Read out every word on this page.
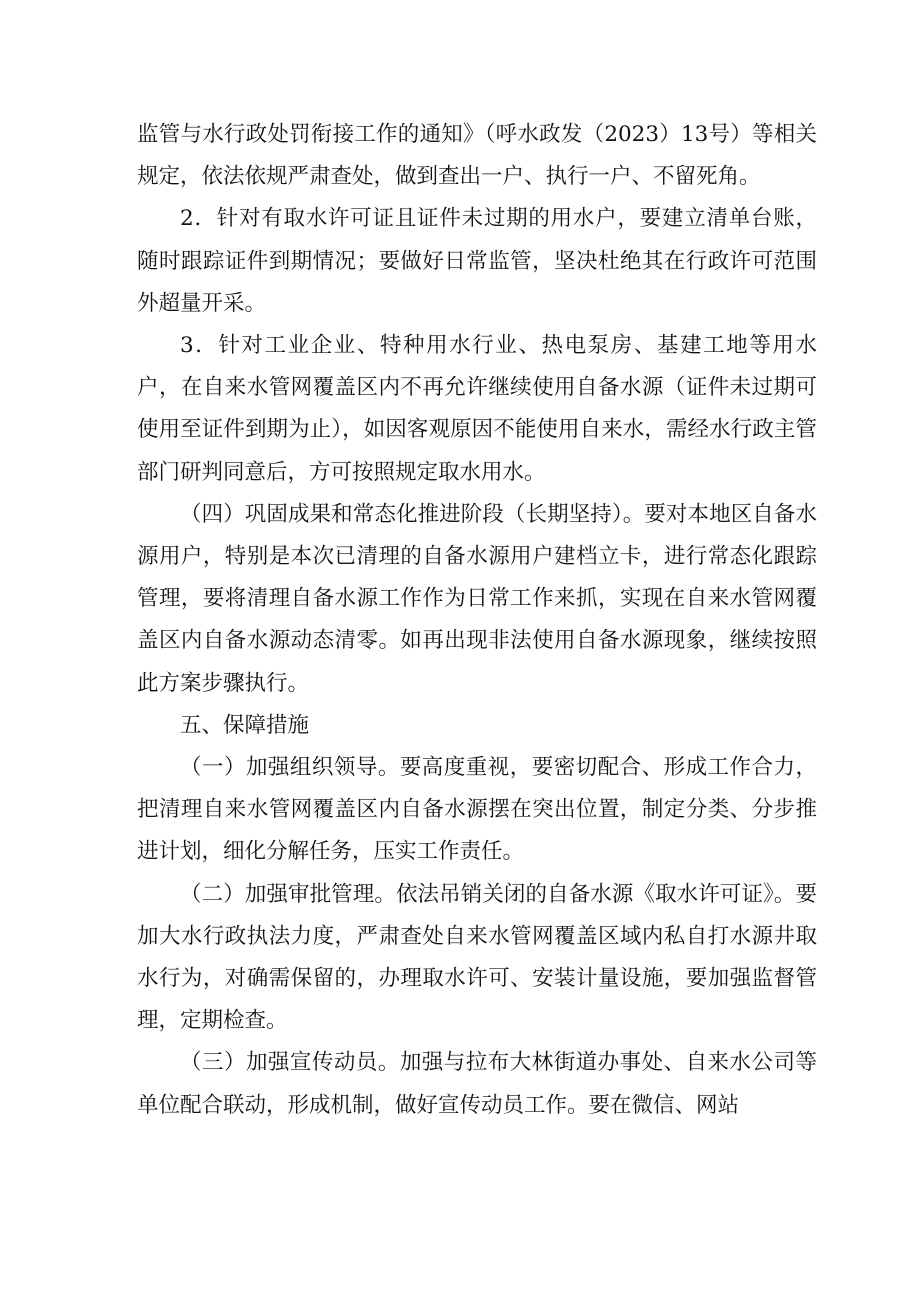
监管与水行政处罚衔接工作的通知》（呼水政发（2023）13号）等相关规定，依法依规严肃查处，做到查出一户、执行一户、不留死角。

2．针对有取水许可证且证件未过期的用水户，要建立清单台账，随时跟踪证件到期情况；要做好日常监管，坚决杜绝其在行政许可范围外超量开采。

3．针对工业企业、特种用水行业、热电泵房、基建工地等用水户，在自来水管网覆盖区内不再允许继续使用自备水源（证件未过期可使用至证件到期为止），如因客观原因不能使用自来水，需经水行政主管部门研判同意后，方可按照规定取水用水。

（四）巩固成果和常态化推进阶段（长期坚持）。要对本地区自备水源用户，特别是本次已清理的自备水源用户建档立卡，进行常态化跟踪管理，要将清理自备水源工作作为日常工作来抓，实现在自来水管网覆盖区内自备水源动态清零。如再出现非法使用自备水源现象，继续按照此方案步骤执行。

五、保障措施

（一）加强组织领导。要高度重视，要密切配合、形成工作合力，把清理自来水管网覆盖区内自备水源摆在突出位置，制定分类、分步推进计划，细化分解任务，压实工作责任。

（二）加强审批管理。依法吊销关闭的自备水源《取水许可证》。要加大水行政执法力度，严肃查处自来水管网覆盖区域内私自打水源井取水行为，对确需保留的，办理取水许可、安装计量设施，要加强监督管理，定期检查。

（三）加强宣传动员。加强与拉布大林街道办事处、自来水公司等单位配合联动，形成机制，做好宣传动员工作。要在微信、网站
